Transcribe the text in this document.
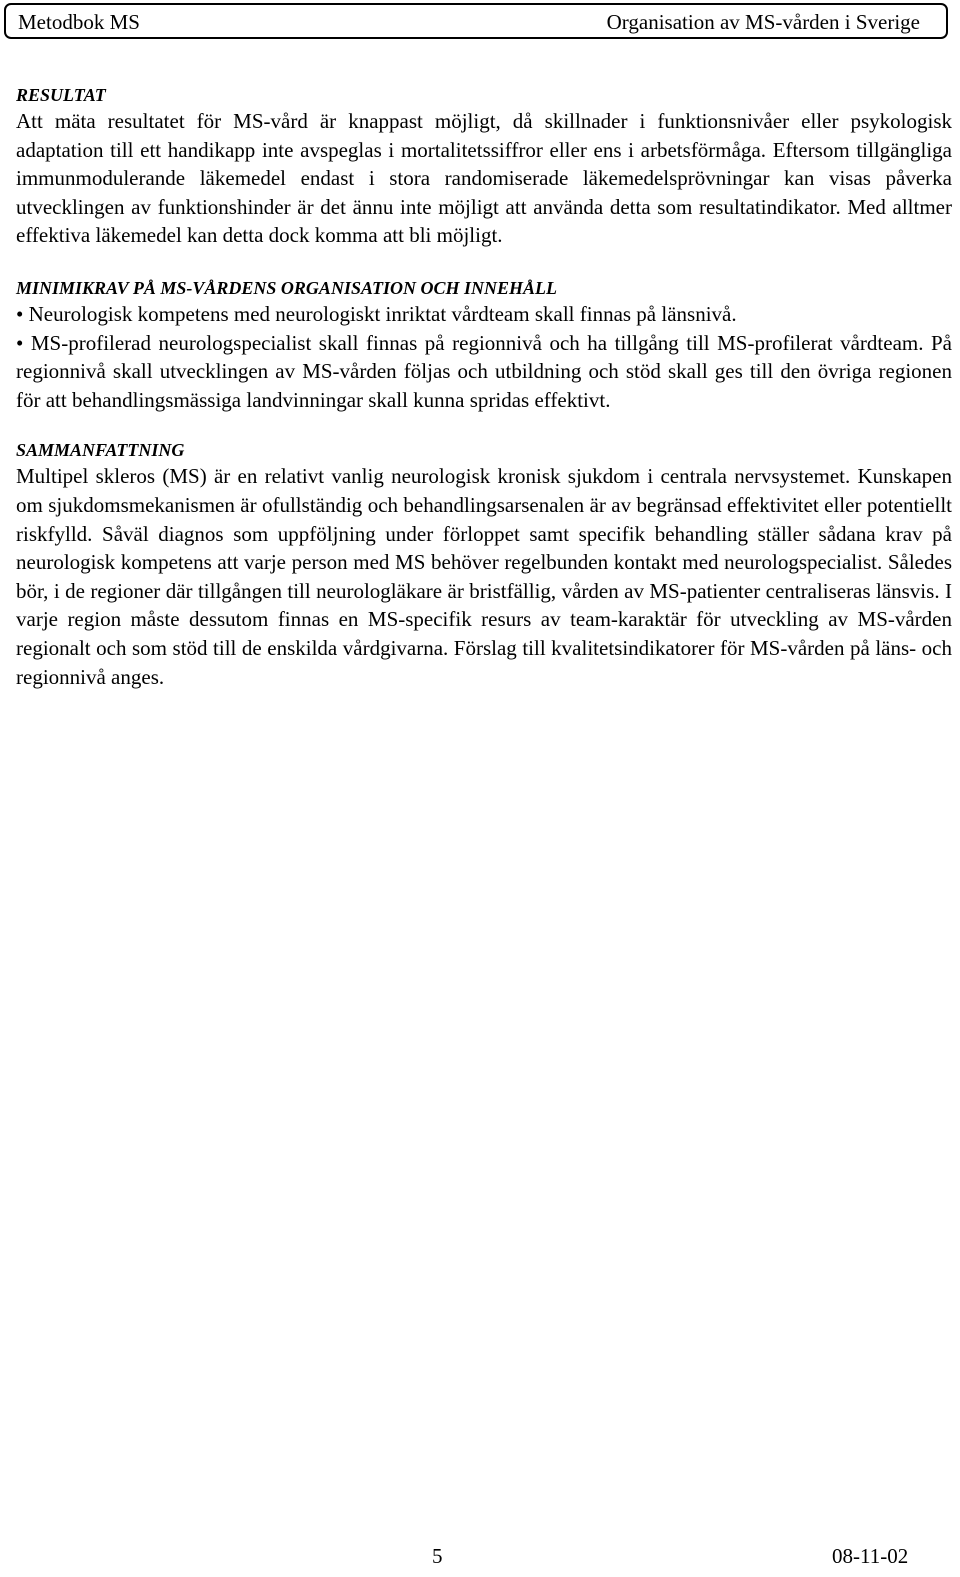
Metodbok MS	Organisation av MS-vården i Sverige

RESULTAT

Att mäta resultatet för MS-vård är knappast möjligt, då skillnader i funktionsnivåer eller psykologisk adaptation till ett handikapp inte avspeglas i mortalitetssiffror eller ens i arbetsförmåga. Eftersom tillgängliga immunmodulerande läkemedel endast i stora randomiserade läkemedelsprövningar kan visas påverka utvecklingen av funktionshinder är det ännu inte möjligt att använda detta som resultatindikator. Med alltmer effektiva läkemedel kan detta dock komma att bli möjligt.

MINIMIKRAV PÅ MS-VÅRDENS ORGANISATION OCH INNEHÅLL

• Neurologisk kompetens med neurologiskt inriktat vårdteam skall finnas på länsnivå.

• MS-profilerad neurologspecialist skall finnas på regionnivå och ha tillgång till MS-profilerat vårdteam. På regionnivå skall utvecklingen av MS-vården följas och utbildning och stöd skall ges till den övriga regionen för att behandlingsmässiga landvinningar skall kunna spridas effektivt.

SAMMANFATTNING

Multipel skleros (MS) är en relativt vanlig neurologisk kronisk sjukdom i centrala nervsystemet. Kunskapen om sjukdomsmekanismen är ofullständig och behandlingsarsenalen är av begränsad effektivitet eller potentiellt riskfylld. Såväl diagnos som uppföljning under förloppet samt specifik behandling ställer sådana krav på neurologisk kompetens att varje person med MS behöver regelbunden kontakt med neurologspecialist. Således bör, i de regioner där tillgången till neurologläkare är bristfällig, vården av MS-patienter centraliseras länsvis. I varje region måste dessutom finnas en MS-specifik resurs av team-karaktär för utveckling av MS-vården regionalt och som stöd till de enskilda vårdgivarna. Förslag till kvalitetsindikatorer för MS-vården på läns- och regionnivå anges.

5	08-11-02
